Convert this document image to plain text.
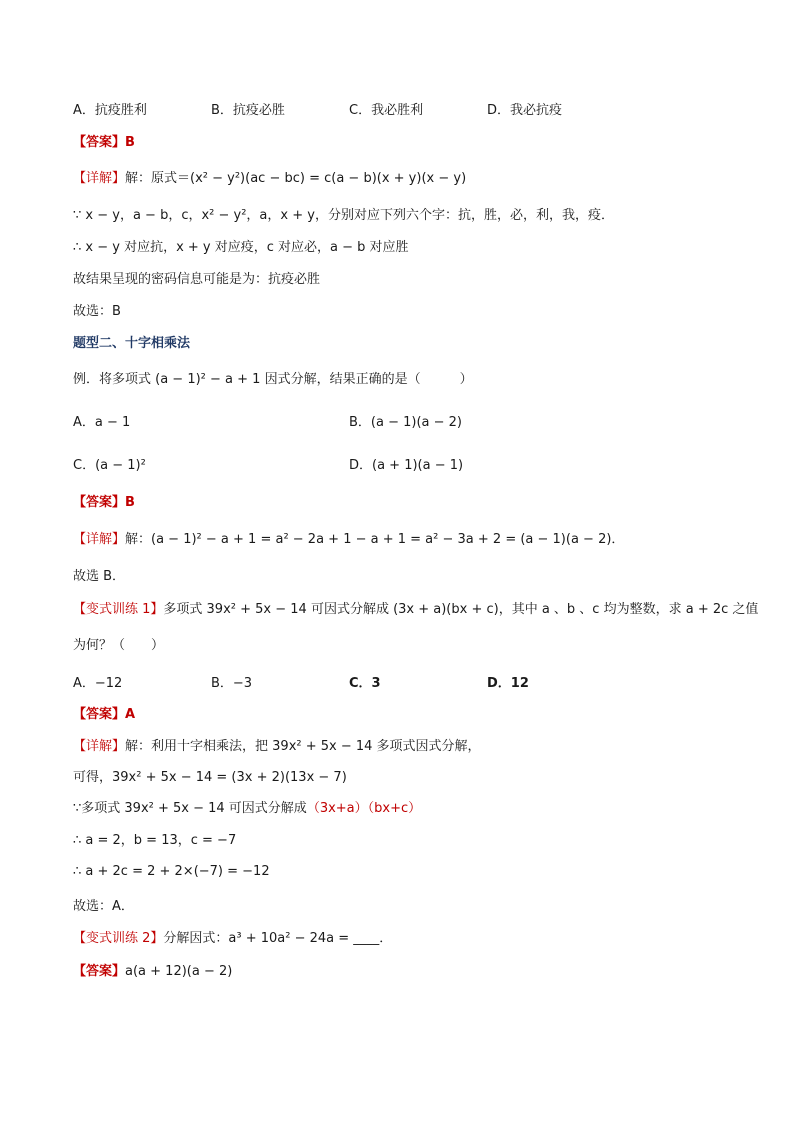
A．抗疫胜利	B．抗疫必胜	C．我必胜利	D．我必抗疫
【答案】B
【详解】解：原式＝(x² − y²)(ac − bc) = c(a − b)(x + y)(x − y)
∵ x − y，a − b，c，x² − y²，a，x + y，分别对应下列六个字：抗，胜，必，利，我，疫．
∴ x − y 对应抗，x + y 对应疫，c 对应必，a − b 对应胜
故结果呈现的密码信息可能是为：抗疫必胜
故选：B
题型二、十字相乘法
例．将多项式 (a − 1)² − a + 1 因式分解，结果正确的是（　　　）
A．a − 1	B．(a − 1)(a − 2)
C．(a − 1)²	D．(a + 1)(a − 1)
【答案】B
【详解】解：(a − 1)² − a + 1 = a² − 2a + 1 − a + 1 = a² − 3a + 2 = (a − 1)(a − 2)．
故选 B．
【变式训练 1】多项式 39x² + 5x − 14 可因式分解成 (3x + a)(bx + c)，其中 a 、b 、c 均为整数，求 a + 2c 之值
为何？（　　）
A．−12	B．−3	C．3	D．12
【答案】A
【详解】解：利用十字相乘法，把 39x² + 5x − 14 多项式因式分解，
可得，39x² + 5x − 14 = (3x + 2)(13x − 7)
∵多项式 39x² + 5x − 14 可因式分解成（3x+a）（bx+c）
∴ a = 2，b = 13，c = −7
∴ a + 2c = 2 + 2×(−7) = −12
故选：A．
【变式训练 2】分解因式：a³ + 10a² − 24a = ____．
【答案】a(a + 12)(a − 2)
